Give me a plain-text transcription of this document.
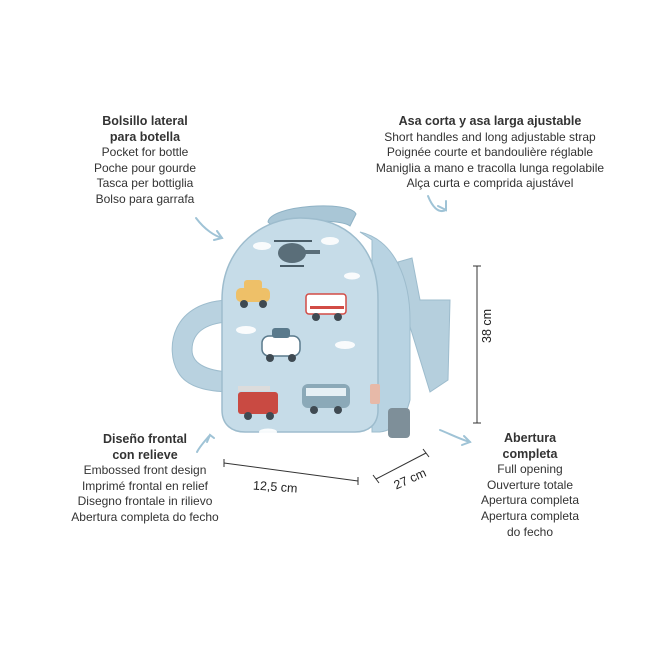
Bolsillo lateral
para botella
Pocket for bottle
Poche pour gourde
Tasca per bottiglia
Bolso para garrafa
Asa corta y asa larga ajustable
Short handles and long adjustable strap
Poignée courte et bandoulière réglable
Maniglia a mano e tracolla lunga regolabile
Alça curta e comprida ajustável
Diseño frontal
con relieve
Embossed front design
Imprimé frontal en relief
Disegno frontale in rilievo
Abertura completa do fecho
Abertura
completa
Full opening
Ouverture totale
Apertura completa
Apertura completa
do fecho
12,5 cm	27 cm
38 cm
